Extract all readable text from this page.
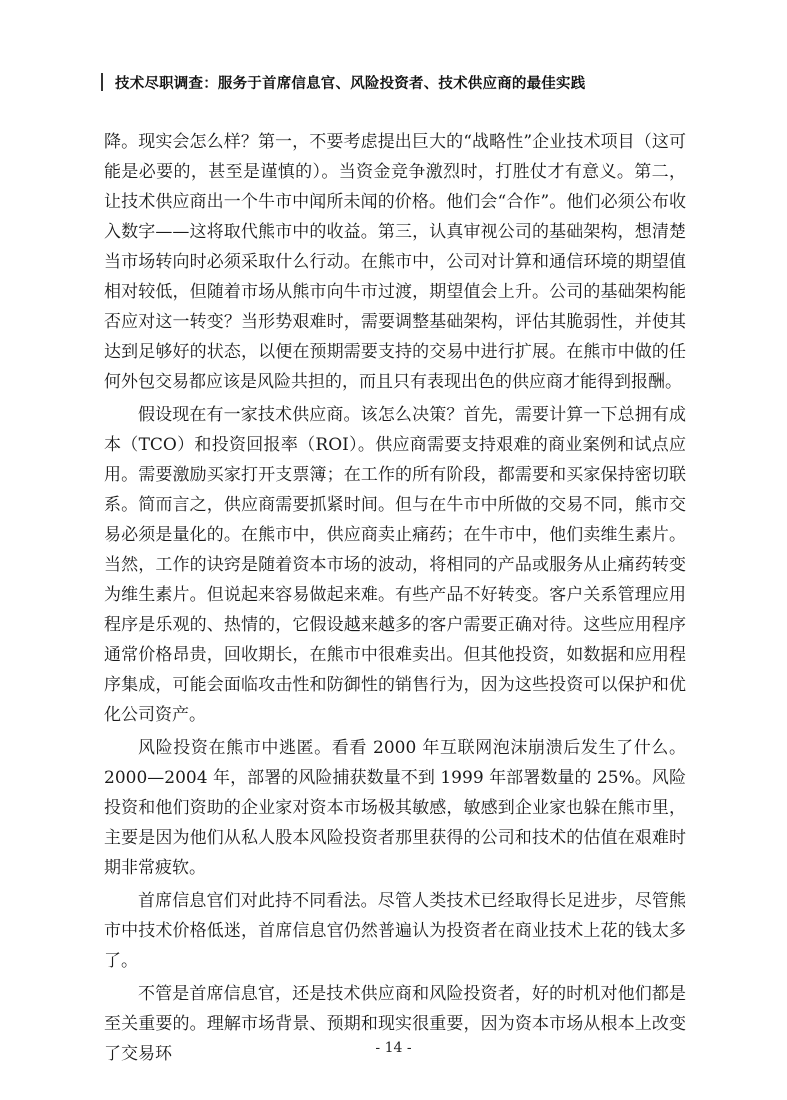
技术尽职调查：服务于首席信息官、风险投资者、技术供应商的最佳实践

降。现实会怎么样？第一，不要考虑提出巨大的“战略性”企业技术项目（这可能是必要的，甚至是谨慎的）。当资金竞争激烈时，打胜仗才有意义。第二，让技术供应商出一个牛市中闻所未闻的价格。他们会“合作”。他们必须公布收入数字——这将取代熊市中的收益。第三，认真审视公司的基础架构，想清楚当市场转向时必须采取什么行动。在熊市中，公司对计算和通信环境的期望值相对较低，但随着市场从熊市向牛市过渡，期望值会上升。公司的基础架构能否应对这一转变？当形势艰难时，需要调整基础架构，评估其脆弱性，并使其达到足够好的状态，以便在预期需要支持的交易中进行扩展。在熊市中做的任何外包交易都应该是风险共担的，而且只有表现出色的供应商才能得到报酬。

假设现在有一家技术供应商。该怎么决策？首先，需要计算一下总拥有成本（TCO）和投资回报率（ROI）。供应商需要支持艰难的商业案例和试点应用。需要激励买家打开支票簿；在工作的所有阶段，都需要和买家保持密切联系。简而言之，供应商需要抓紧时间。但与在牛市中所做的交易不同，熊市交易必须是量化的。在熊市中，供应商卖止痛药；在牛市中，他们卖维生素片。当然，工作的诀窍是随着资本市场的波动，将相同的产品或服务从止痛药转变为维生素片。但说起来容易做起来难。有些产品不好转变。客户关系管理应用程序是乐观的、热情的，它假设越来越多的客户需要正确对待。这些应用程序通常价格昂贵，回收期长，在熊市中很难卖出。但其他投资，如数据和应用程序集成，可能会面临攻击性和防御性的销售行为，因为这些投资可以保护和优化公司资产。

风险投资在熊市中逃匿。看看 2000 年互联网泡沫崩溃后发生了什么。2000—2004 年，部署的风险捕获数量不到 1999 年部署数量的 25%。风险投资和他们资助的企业家对资本市场极其敏感，敏感到企业家也躲在熊市里，主要是因为他们从私人股本风险投资者那里获得的公司和技术的估值在艰难时期非常疲软。

首席信息官们对此持不同看法。尽管人类技术已经取得长足进步，尽管熊市中技术价格低迷，首席信息官仍然普遍认为投资者在商业技术上花的钱太多了。

不管是首席信息官，还是技术供应商和风险投资者，好的时机对他们都是至关重要的。理解市场背景、预期和现实很重要，因为资本市场从根本上改变了交易环	- 14 -
